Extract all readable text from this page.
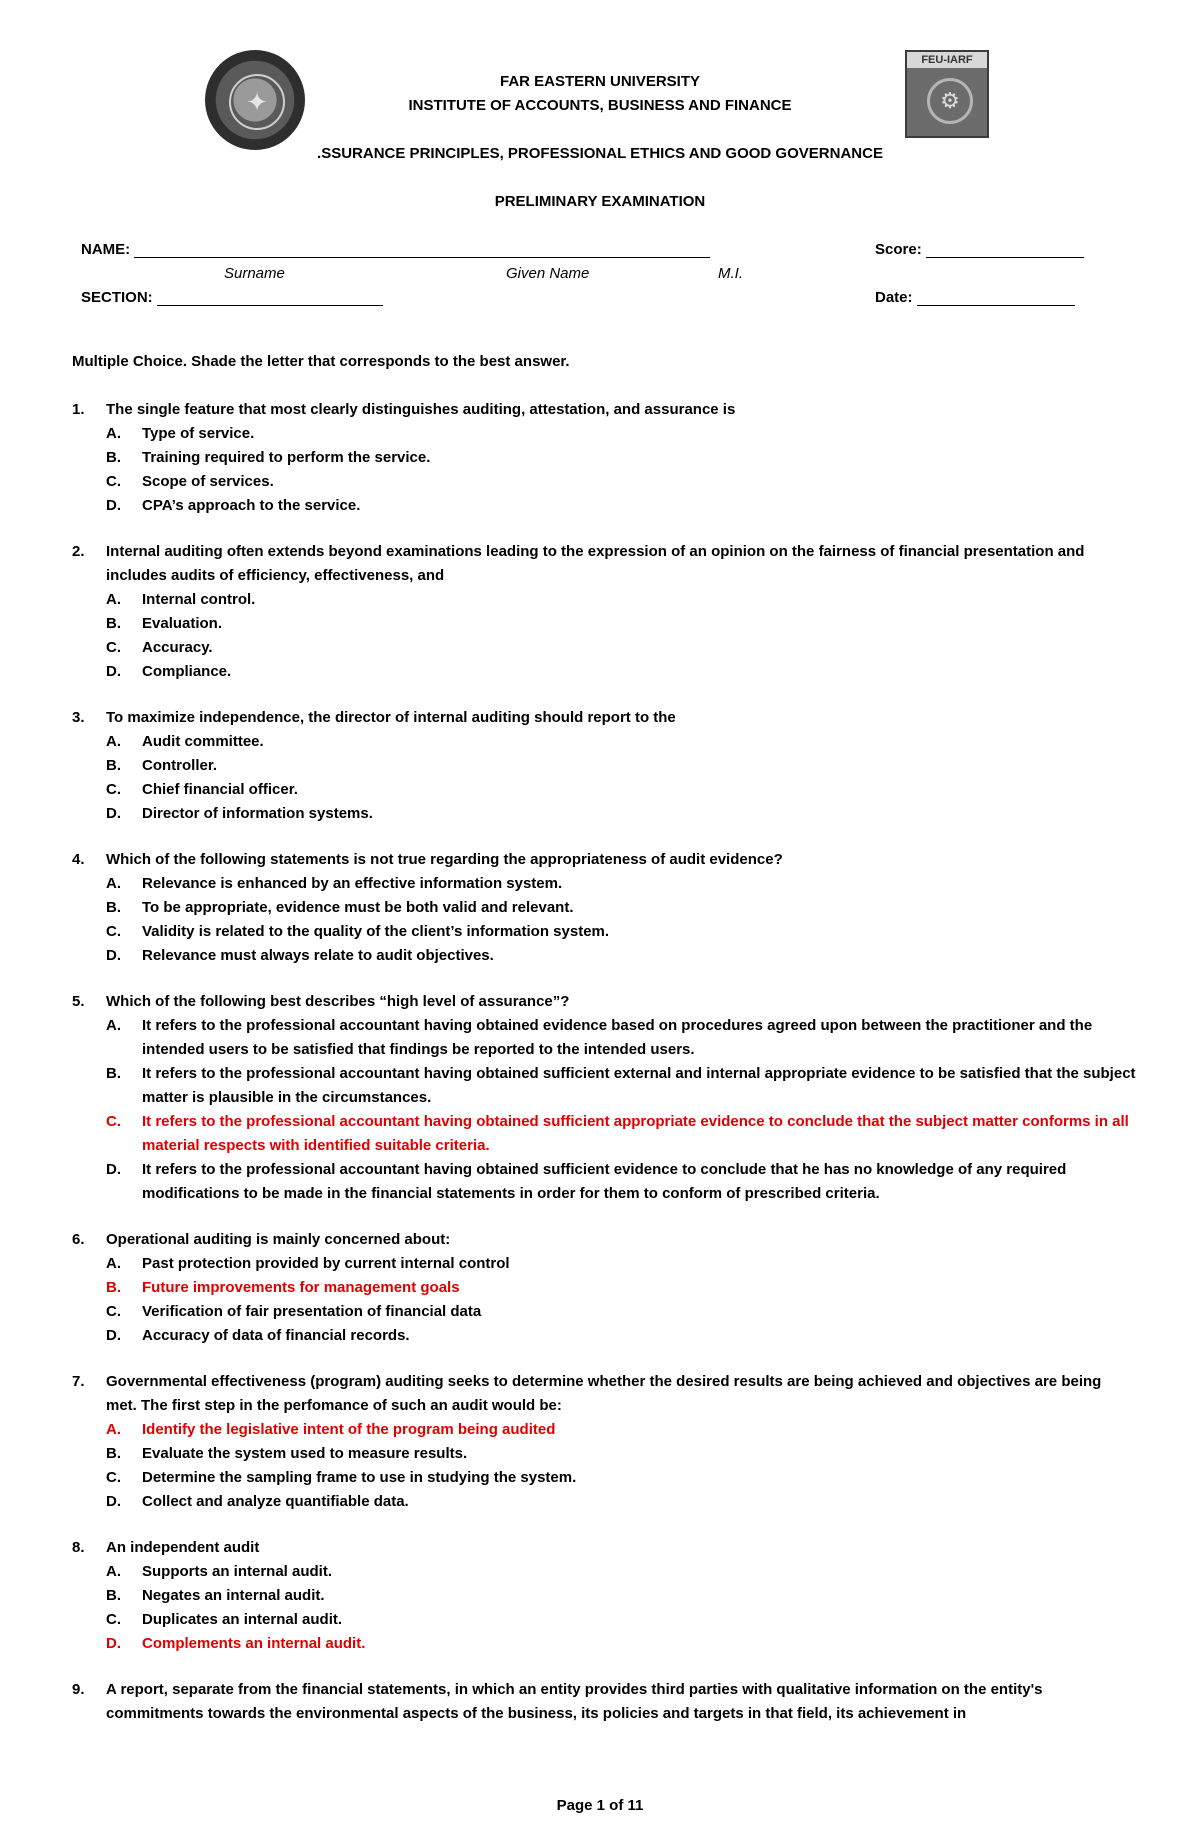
✦
FEU-IARF
⚙
FAR EASTERN UNIVERSITY
INSTITUTE OF ACCOUNTS, BUSINESS AND FINANCE
.SSURANCE PRINCIPLES, PROFESSIONAL ETHICS AND GOOD GOVERNANCE
PRELIMINARY EXAMINATION
NAME:	Score:
Surname	Given Name	M.I.
SECTION:	Date:
Multiple Choice. Shade the letter that corresponds to the best answer.
1. The single feature that most clearly distinguishes auditing, attestation, and assurance is
A. Type of service.
B. Training required to perform the service.
C. Scope of services.
D. CPA’s approach to the service.
2. Internal auditing often extends beyond examinations leading to the expression of an opinion on the fairness of financial presentation and includes audits of efficiency, effectiveness, and
A. Internal control.
B. Evaluation.
C. Accuracy.
D. Compliance.
3. To maximize independence, the director of internal auditing should report to the
A. Audit committee.
B. Controller.
C. Chief financial officer.
D. Director of information systems.
4. Which of the following statements is not true regarding the appropriateness of audit evidence?
A. Relevance is enhanced by an effective information system.
B. To be appropriate, evidence must be both valid and relevant.
C. Validity is related to the quality of the client’s information system.
D. Relevance must always relate to audit objectives.
5. Which of the following best describes “high level of assurance”?
A. It refers to the professional accountant having obtained evidence based on procedures agreed upon between the practitioner and the intended users to be satisfied that findings be reported to the intended users.
B. It refers to the professional accountant having obtained sufficient external and internal appropriate evidence to be satisfied that the subject matter is plausible in the circumstances.
C. It refers to the professional accountant having obtained sufficient appropriate evidence to conclude that the subject matter conforms in all material respects with identified suitable criteria.
D. It refers to the professional accountant having obtained sufficient evidence to conclude that he has no knowledge of any required modifications to be made in the financial statements in order for them to conform of prescribed criteria.
6. Operational auditing is mainly concerned about:
A. Past protection provided by current internal control
B. Future improvements for management goals
C. Verification of fair presentation of financial data
D. Accuracy of data of financial records.
7. Governmental effectiveness (program) auditing seeks to determine whether the desired results are being achieved and objectives are being met. The first step in the perfomance of such an audit would be:
A. Identify the legislative intent of the program being audited
B. Evaluate the system used to measure results.
C. Determine the sampling frame to use in studying the system.
D. Collect and analyze quantifiable data.
8. An independent audit
A. Supports an internal audit.
B. Negates an internal audit.
C. Duplicates an internal audit.
D. Complements an internal audit.
9. A report, separate from the financial statements, in which an entity provides third parties with qualitative information on the entity's commitments towards the environmental aspects of the business, its policies and targets in that field, its achievement in
Page 1 of 11
